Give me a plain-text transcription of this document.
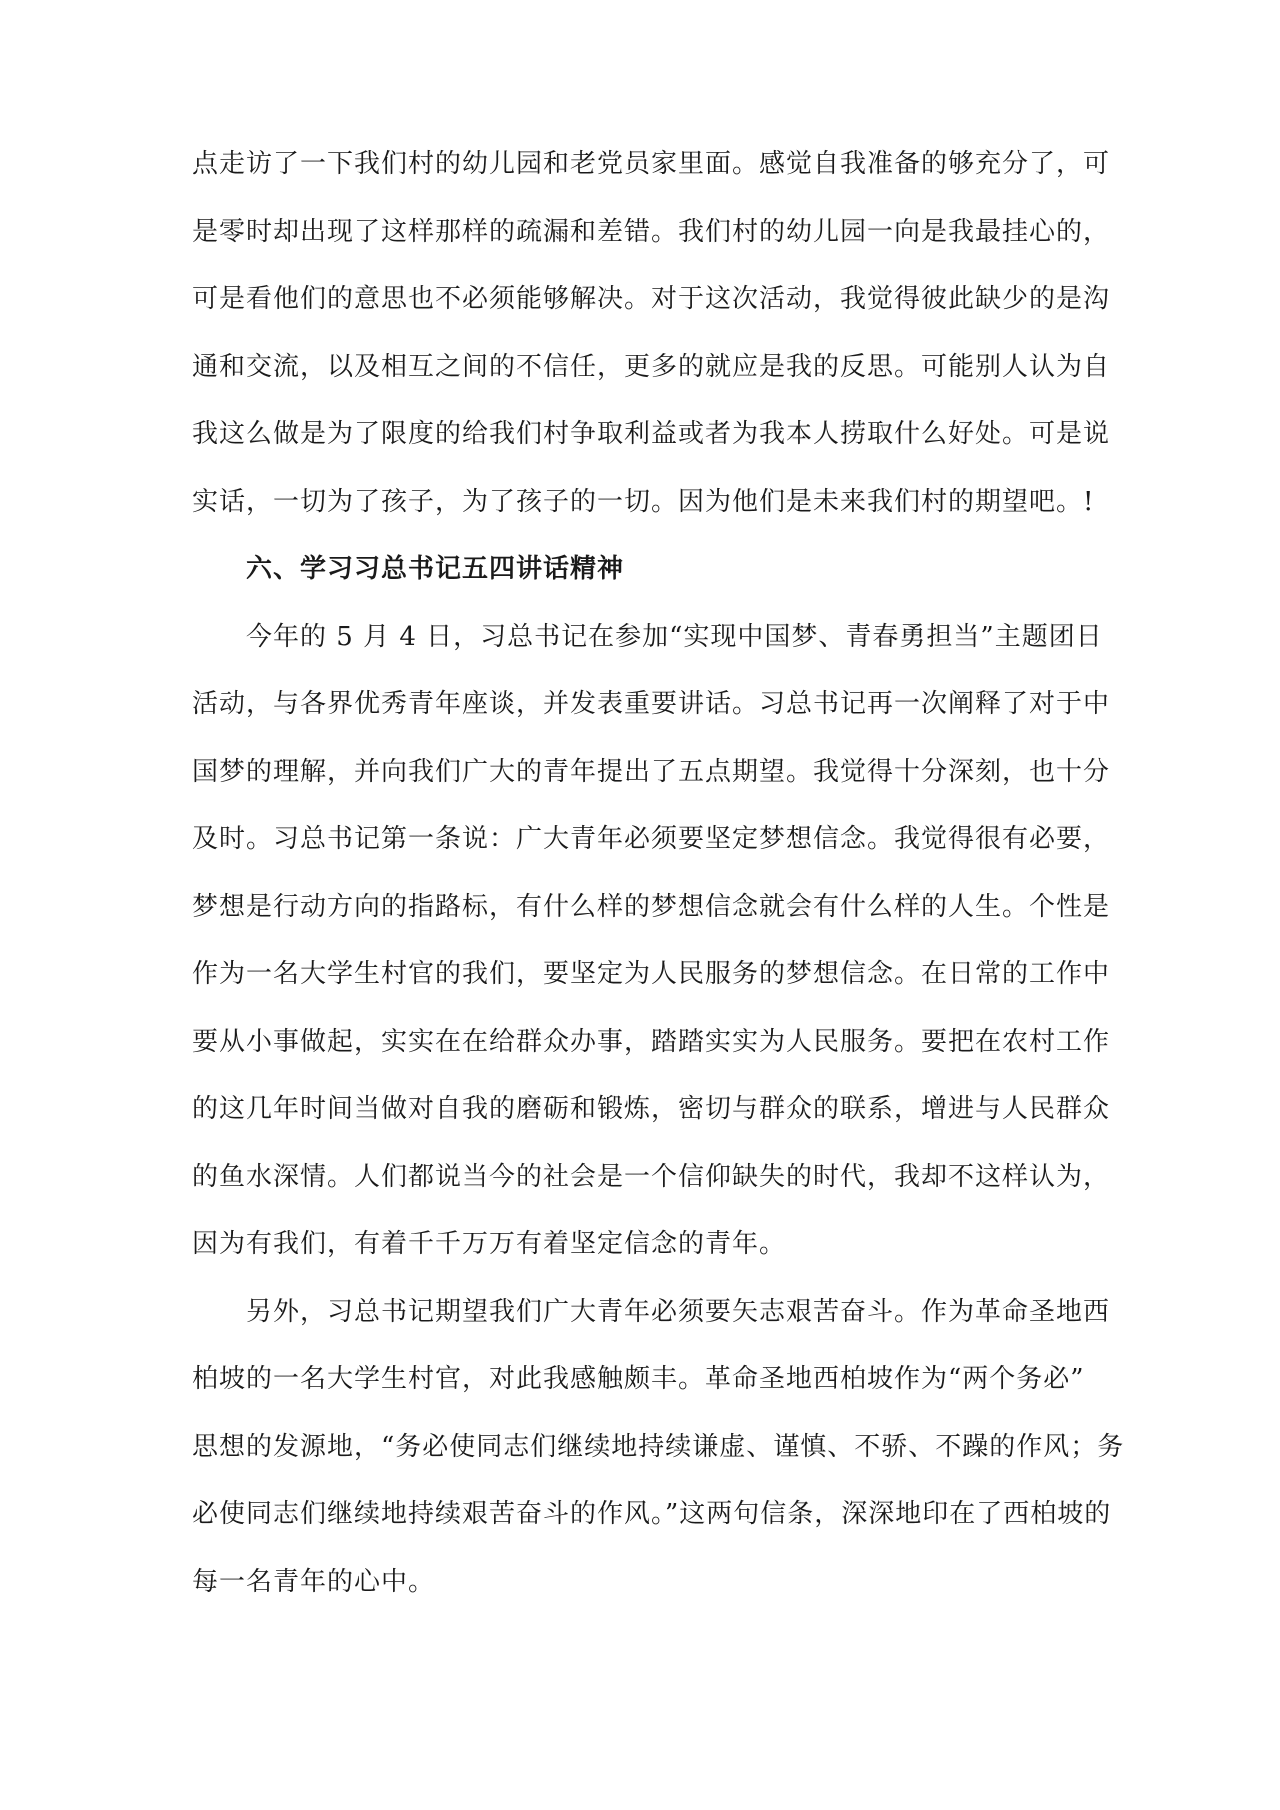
点走访了一下我们村的幼儿园和老党员家里面。感觉自我准备的够充分了，可
是零时却出现了这样那样的疏漏和差错。我们村的幼儿园一向是我最挂心的，
可是看他们的意思也不必须能够解决。对于这次活动，我觉得彼此缺少的是沟
通和交流，以及相互之间的不信任，更多的就应是我的反思。可能别人认为自
我这么做是为了限度的给我们村争取利益或者为我本人捞取什么好处。可是说
实话，一切为了孩子，为了孩子的一切。因为他们是未来我们村的期望吧。!
六、学习习总书记五四讲话精神
今年的 5 月 4 日，习总书记在参加“实现中国梦、青春勇担当”主题团日
活动，与各界优秀青年座谈，并发表重要讲话。习总书记再一次阐释了对于中
国梦的理解，并向我们广大的青年提出了五点期望。我觉得十分深刻，也十分
及时。习总书记第一条说：广大青年必须要坚定梦想信念。我觉得很有必要，
梦想是行动方向的指路标，有什么样的梦想信念就会有什么样的人生。个性是
作为一名大学生村官的我们，要坚定为人民服务的梦想信念。在日常的工作中
要从小事做起，实实在在给群众办事，踏踏实实为人民服务。要把在农村工作
的这几年时间当做对自我的磨砺和锻炼，密切与群众的联系，增进与人民群众
的鱼水深情。人们都说当今的社会是一个信仰缺失的时代，我却不这样认为，
因为有我们，有着千千万万有着坚定信念的青年。
另外，习总书记期望我们广大青年必须要矢志艰苦奋斗。作为革命圣地西
柏坡的一名大学生村官，对此我感触颇丰。革命圣地西柏坡作为“两个务必”
思想的发源地，“务必使同志们继续地持续谦虚、谨慎、不骄、不躁的作风；务
必使同志们继续地持续艰苦奋斗的作风。”这两句信条，深深地印在了西柏坡的
每一名青年的心中。
